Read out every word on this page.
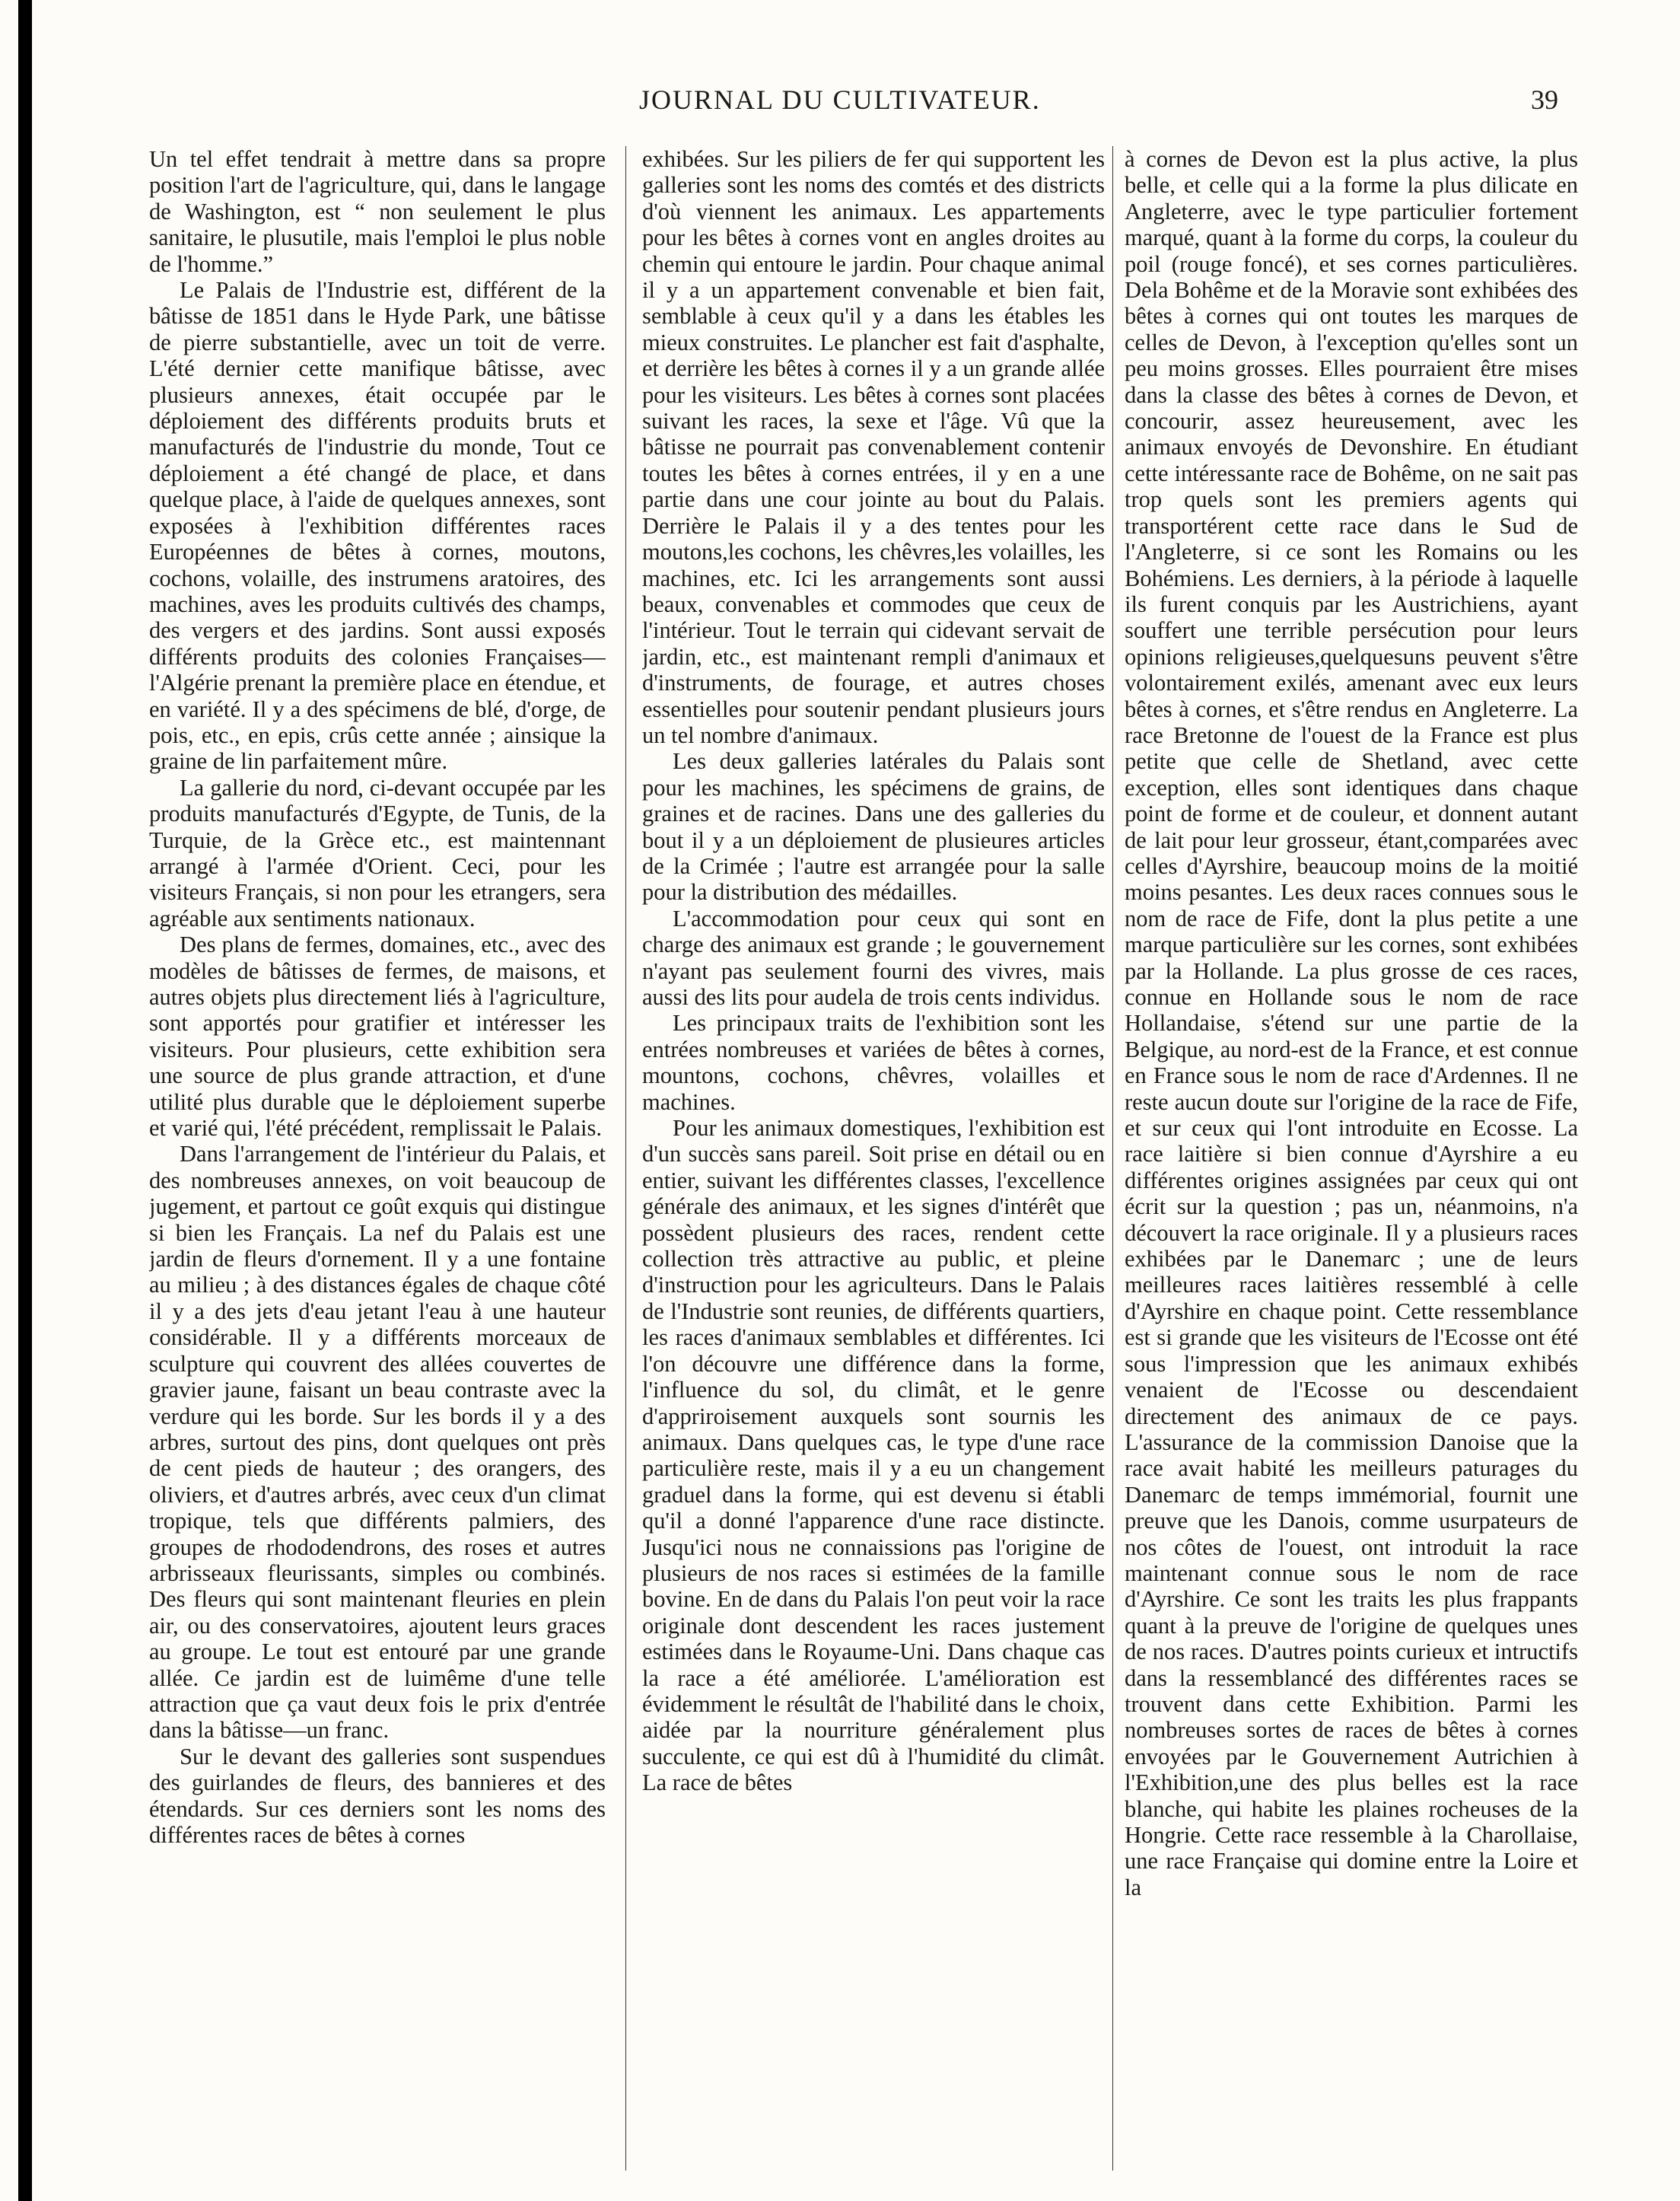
JOURNAL DU CULTIVATEUR.	39

Un tel effet tendrait à mettre dans sa propre position l'art de l'agriculture, qui, dans le langage de Washington, est “ non seulement le plus sanitaire, le plusutile, mais l'emploi le plus noble de l'homme.”

Le Palais de l'Industrie est, différent de la bâtisse de 1851 dans le Hyde Park, une bâtisse de pierre substantielle, avec un toit de verre. L'été dernier cette manifique bâtisse, avec plusieurs annexes, était occupée par le déploiement des différents produits bruts et manufacturés de l'industrie du monde, Tout ce déploiement a été changé de place, et dans quelque place, à l'aide de quelques annexes, sont exposées à l'exhibition différentes races Européennes de bêtes à cornes, moutons, cochons, volaille, des instrumens aratoires, des machines, aves les produits cultivés des champs, des vergers et des jardins. Sont aussi exposés différents produits des colonies Françaises—l'Algérie prenant la première place en étendue, et en variété. Il y a des spécimens de blé, d'orge, de pois, etc., en epis, crûs cette année ; ainsique la graine de lin parfaitement mûre.

La gallerie du nord, ci-devant occupée par les produits manufacturés d'Egypte, de Tunis, de la Turquie, de la Grèce etc., est maintennant arrangé à l'armée d'Orient. Ceci, pour les visiteurs Français, si non pour les etrangers, sera agréable aux sentiments nationaux.

Des plans de fermes, domaines, etc., avec des modèles de bâtisses de fermes, de maisons, et autres objets plus directement liés à l'agriculture, sont apportés pour gratifier et intéresser les visiteurs. Pour plusieurs, cette exhibition sera une source de plus grande attraction, et d'une utilité plus durable que le déploiement superbe et varié qui, l'été précédent, remplissait le Palais.

Dans l'arrangement de l'intérieur du Palais, et des nombreuses annexes, on voit beaucoup de jugement, et partout ce goût exquis qui distingue si bien les Français. La nef du Palais est une jardin de fleurs d'ornement. Il y a une fontaine au milieu ; à des distances égales de chaque côté il y a des jets d'eau jetant l'eau à une hauteur considérable. Il y a différents morceaux de sculpture qui couvrent des allées couvertes de gravier jaune, faisant un beau contraste avec la verdure qui les borde. Sur les bords il y a des arbres, surtout des pins, dont quelques ont près de cent pieds de hauteur ; des orangers, des oliviers, et d'autres arbrés, avec ceux d'un climat tropique, tels que différents palmiers, des groupes de rhododendrons, des roses et autres arbrisseaux fleurissants, simples ou combinés. Des fleurs qui sont maintenant fleuries en plein air, ou des conservatoires, ajoutent leurs graces au groupe. Le tout est entouré par une grande allée. Ce jardin est de luimême d'une telle attraction que ça vaut deux fois le prix d'entrée dans la bâtisse—un franc.

Sur le devant des galleries sont suspendues des guirlandes de fleurs, des bannieres et des étendards. Sur ces derniers sont les noms des différentes races de bêtes à cornes

exhibées. Sur les piliers de fer qui supportent les galleries sont les noms des comtés et des districts d'où viennent les animaux. Les appartements pour les bêtes à cornes vont en angles droites au chemin qui entoure le jardin. Pour chaque animal il y a un appartement convenable et bien fait, semblable à ceux qu'il y a dans les étables les mieux construites. Le plancher est fait d'asphalte, et derrière les bêtes à cornes il y a un grande allée pour les visiteurs. Les bêtes à cornes sont placées suivant les races, la sexe et l'âge. Vû que la bâtisse ne pourrait pas convenablement contenir toutes les bêtes à cornes entrées, il y en a une partie dans une cour jointe au bout du Palais. Derrière le Palais il y a des tentes pour les moutons,les cochons, les chêvres,les volailles, les machines, etc. Ici les arrangements sont aussi beaux, convenables et commodes que ceux de l'intérieur. Tout le terrain qui cidevant servait de jardin, etc., est maintenant rempli d'animaux et d'instruments, de fourage, et autres choses essentielles pour soutenir pendant plusieurs jours un tel nombre d'animaux.

Les deux galleries latérales du Palais sont pour les machines, les spécimens de grains, de graines et de racines. Dans une des galleries du bout il y a un déploiement de plusieures articles de la Crimée ; l'autre est arrangée pour la salle pour la distribution des médailles.

L'accommodation pour ceux qui sont en charge des animaux est grande ; le gouvernement n'ayant pas seulement fourni des vivres, mais aussi des lits pour audela de trois cents individus.

Les principaux traits de l'exhibition sont les entrées nombreuses et variées de bêtes à cornes, mountons, cochons, chêvres, volailles et machines.

Pour les animaux domestiques, l'exhibition est d'un succès sans pareil. Soit prise en détail ou en entier, suivant les différentes classes, l'excellence générale des animaux, et les signes d'intérêt que possèdent plusieurs des races, rendent cette collection très attractive au public, et pleine d'instruction pour les agriculteurs. Dans le Palais de l'Industrie sont reunies, de différents quartiers, les races d'animaux semblables et différentes. Ici l'on découvre une différence dans la forme, l'influence du sol, du climât, et le genre d'appriroisement auxquels sont sournis les animaux. Dans quelques cas, le type d'une race particulière reste, mais il y a eu un changement graduel dans la forme, qui est devenu si établi qu'il a donné l'apparence d'une race distincte. Jusqu'ici nous ne connaissions pas l'origine de plusieurs de nos races si estimées de la famille bovine. En de dans du Palais l'on peut voir la race originale dont descendent les races justement estimées dans le Royaume-Uni. Dans chaque cas la race a été améliorée. L'amélioration est évidemment le résultât de l'habilité dans le choix, aidée par la nourriture généralement plus succulente, ce qui est dû à l'humidité du climât. La race de bêtes

à cornes de Devon est la plus active, la plus belle, et celle qui a la forme la plus dilicate en Angleterre, avec le type particulier fortement marqué, quant à la forme du corps, la couleur du poil (rouge foncé), et ses cornes particulières. Dela Bohême et de la Moravie sont exhibées des bêtes à cornes qui ont toutes les marques de celles de Devon, à l'exception qu'elles sont un peu moins grosses. Elles pourraient être mises dans la classe des bêtes à cornes de Devon, et concourir, assez heureusement, avec les animaux envoyés de Devonshire. En étudiant cette intéressante race de Bohême, on ne sait pas trop quels sont les premiers agents qui transportérent cette race dans le Sud de l'Angleterre, si ce sont les Romains ou les Bohémiens. Les derniers, à la période à laquelle ils furent conquis par les Austrichiens, ayant souffert une terrible persécution pour leurs opinions religieuses,quelquesuns peuvent s'être volontairement exilés, amenant avec eux leurs bêtes à cornes, et s'être rendus en Angleterre. La race Bretonne de l'ouest de la France est plus petite que celle de Shetland, avec cette exception, elles sont identiques dans chaque point de forme et de couleur, et donnent autant de lait pour leur grosseur, étant,comparées avec celles d'Ayrshire, beaucoup moins de la moitié moins pesantes. Les deux races connues sous le nom de race de Fife, dont la plus petite a une marque particulière sur les cornes, sont exhibées par la Hollande. La plus grosse de ces races, connue en Hollande sous le nom de race Hollandaise, s'étend sur une partie de la Belgique, au nord-est de la France, et est connue en France sous le nom de race d'Ardennes. Il ne reste aucun doute sur l'origine de la race de Fife, et sur ceux qui l'ont introduite en Ecosse. La race laitière si bien connue d'Ayrshire a eu différentes origines assignées par ceux qui ont écrit sur la question ; pas un, néanmoins, n'a découvert la race originale. Il y a plusieurs races exhibées par le Danemarc ; une de leurs meilleures races laitières ressemblé à celle d'Ayrshire en chaque point. Cette ressemblance est si grande que les visiteurs de l'Ecosse ont été sous l'impression que les animaux exhibés venaient de l'Ecosse ou descendaient directement des animaux de ce pays. L'assurance de la commission Danoise que la race avait habité les meilleurs paturages du Danemarc de temps immémorial, fournit une preuve que les Danois, comme usurpateurs de nos côtes de l'ouest, ont introduit la race maintenant connue sous le nom de race d'Ayrshire. Ce sont les traits les plus frappants quant à la preuve de l'origine de quelques unes de nos races. D'autres points curieux et intructifs dans la ressemblancé des différentes races se trouvent dans cette Exhibition. Parmi les nombreuses sortes de races de bêtes à cornes envoyées par le Gouvernement Autrichien à l'Exhibition,une des plus belles est la race blanche, qui habite les plaines rocheuses de la Hongrie. Cette race ressemble à la Charollaise, une race Française qui domine entre la Loire et la
